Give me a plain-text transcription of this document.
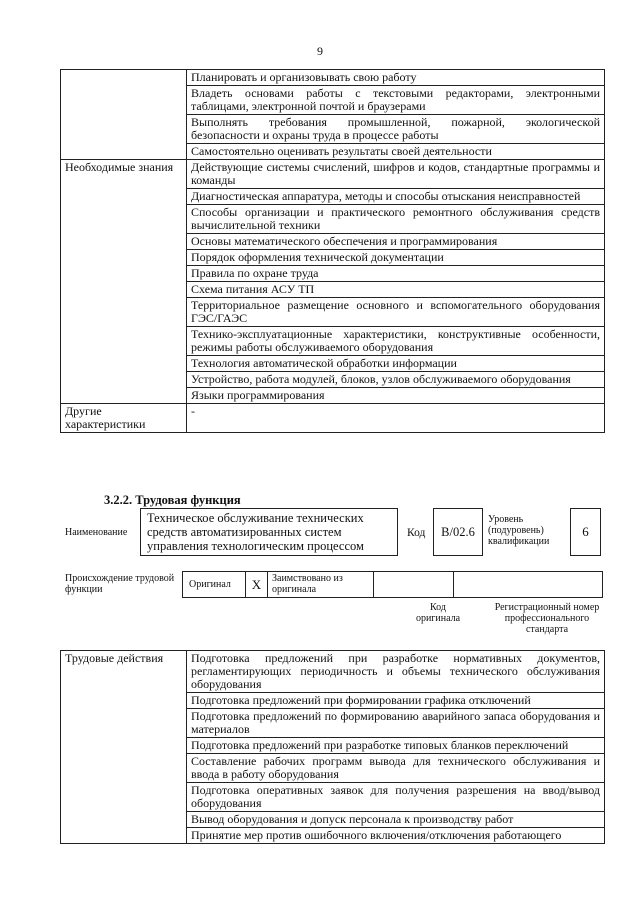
9
	Планировать и организовывать свою работу
	Владеть основами работы с текстовыми редакторами, электронными таблицами, электронной почтой и браузерами
	Выполнять требования промышленной, пожарной, экологической безопасности и охраны труда в процессе работы
	Самостоятельно оценивать результаты своей деятельности
Необходимые знания	Действующие системы счислений, шифров и кодов, стандартные программы и команды
	Диагностическая аппаратура, методы и способы отыскания неисправностей
	Способы организации и практического ремонтного обслуживания средств вычислительной техники
	Основы математического обеспечения и программирования
	Порядок оформления технической документации
	Правила по охране труда
	Схема питания АСУ ТП
	Территориальное размещение основного и вспомогательного оборудования ГЭС/ГАЭС
	Технико-эксплуатационные характеристики, конструктивные особенности, режимы работы обслуживаемого оборудования
	Технология автоматической обработки информации
	Устройство, работа модулей, блоков, узлов обслуживаемого оборудования
	Языки программирования
Другие характеристики	-
3.2.2. Трудовая функция
Наименование
Техническое обслуживание технических средств автоматизированных систем управления технологическим процессом
Код	B/02.6
Уровень (подуровень) квалификации
6
Происхождение трудовой функции	Оригинал	X	Заимствовано из оригинала
Код оригинала
Регистрационный номер профессионального стандарта
Трудовые действия	Подготовка предложений при разработке нормативных документов, регламентирующих периодичность и объемы технического обслуживания оборудования
Подготовка предложений при формировании графика отключений
Подготовка предложений по формированию аварийного запаса оборудования и материалов
Подготовка предложений при разработке типовых бланков переключений
Составление рабочих программ вывода для технического обслуживания и ввода в работу оборудования
Подготовка оперативных заявок для получения разрешения на ввод/вывод оборудования
Вывод оборудования и допуск персонала к производству работ
Принятие мер против ошибочного включения/отключения работающего
